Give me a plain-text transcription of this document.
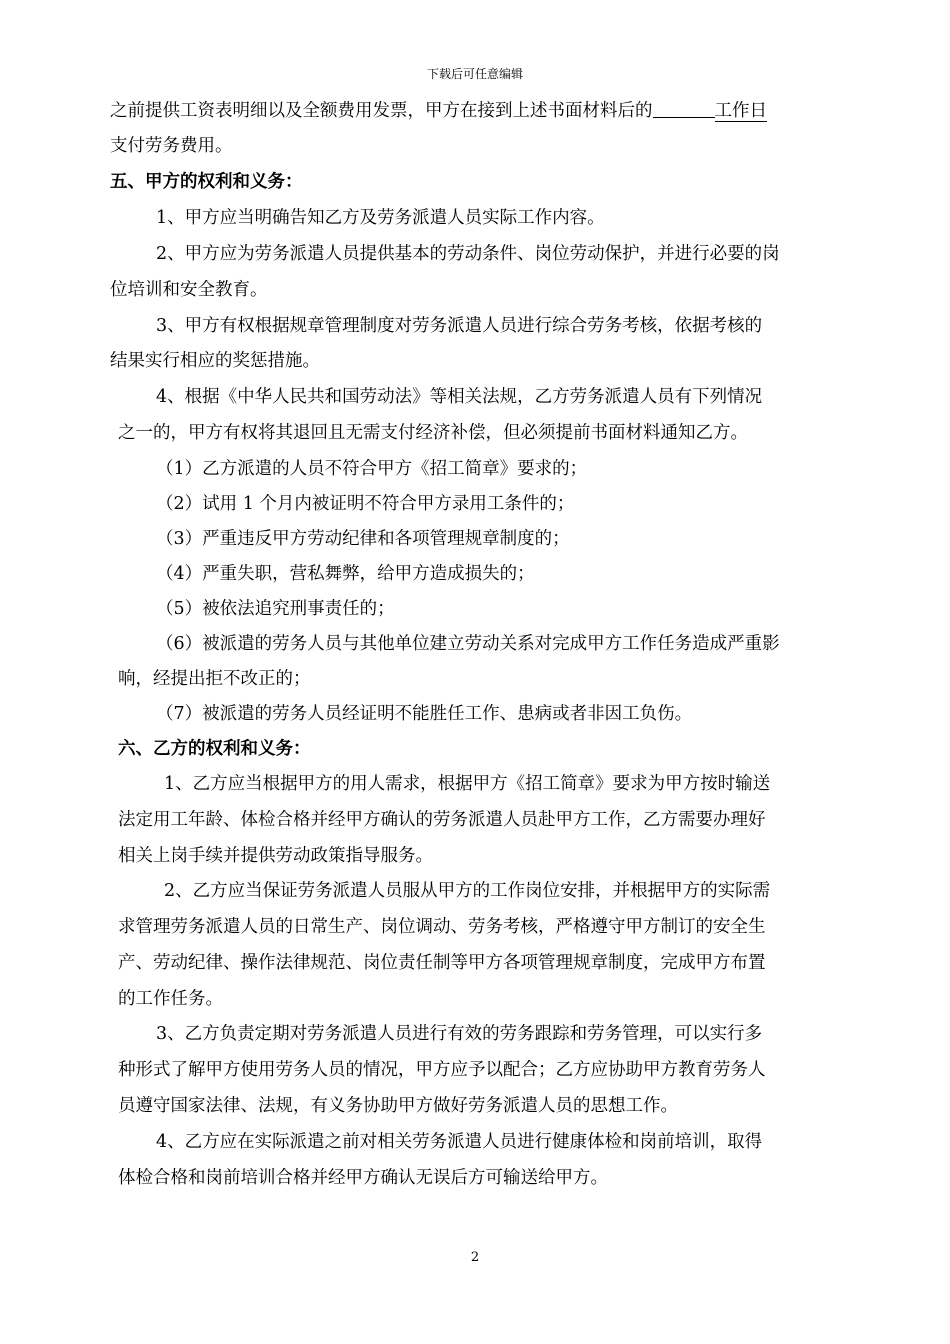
下载后可任意编辑
之前提供工资表明细以及全额费用发票，甲方在接到上述书面材料后的	工作日
支付劳务费用。
五、甲方的权利和义务：
1、甲方应当明确告知乙方及劳务派遣人员实际工作内容。
2、甲方应为劳务派遣人员提供基本的劳动条件、岗位劳动保护，并进行必要的岗
位培训和安全教育。
3、甲方有权根据规章管理制度对劳务派遣人员进行综合劳务考核，依据考核的
结果实行相应的奖惩措施。
4、根据《中华人民共和国劳动法》等相关法规，乙方劳务派遣人员有下列情况
之一的，甲方有权将其退回且无需支付经济补偿，但必须提前书面材料通知乙方。
（1）乙方派遣的人员不符合甲方《招工简章》要求的；
（2）试用 1 个月内被证明不符合甲方录用工条件的；
（3）严重违反甲方劳动纪律和各项管理规章制度的；
（4）严重失职，营私舞弊，给甲方造成损失的；
（5）被依法追究刑事责任的；
（6）被派遣的劳务人员与其他单位建立劳动关系对完成甲方工作任务造成严重影
响，经提出拒不改正的；
（7）被派遣的劳务人员经证明不能胜任工作、患病或者非因工负伤。
六、乙方的权利和义务：
1、乙方应当根据甲方的用人需求，根据甲方《招工简章》要求为甲方按时输送
法定用工年龄、体检合格并经甲方确认的劳务派遣人员赴甲方工作，乙方需要办理好
相关上岗手续并提供劳动政策指导服务。
2、乙方应当保证劳务派遣人员服从甲方的工作岗位安排，并根据甲方的实际需
求管理劳务派遣人员的日常生产、岗位调动、劳务考核，严格遵守甲方制订的安全生
产、劳动纪律、操作法律规范、岗位责任制等甲方各项管理规章制度，完成甲方布置
的工作任务。
3、乙方负责定期对劳务派遣人员进行有效的劳务跟踪和劳务管理，可以实行多
种形式了解甲方使用劳务人员的情况，甲方应予以配合；乙方应协助甲方教育劳务人
员遵守国家法律、法规，有义务协助甲方做好劳务派遣人员的思想工作。
4、乙方应在实际派遣之前对相关劳务派遣人员进行健康体检和岗前培训，取得
体检合格和岗前培训合格并经甲方确认无误后方可输送给甲方。
2
